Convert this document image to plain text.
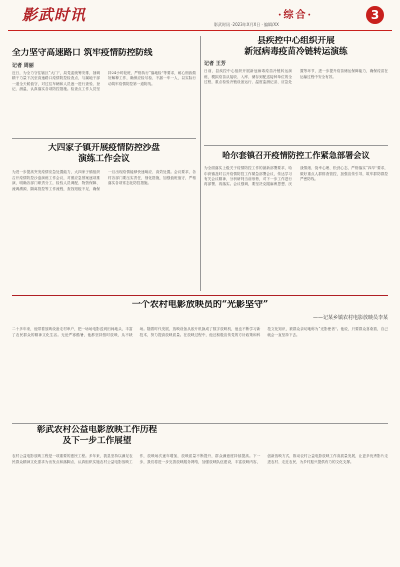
影武时讯	·综合·	3
影武时讯 ·2023年X月X日 · 编辑/XX
全力坚守高速路口 筑牢疫情防控防线
记者 周丽
近日，为全力守住辖区“大门”，局党委统筹安排，抽调精干力量下沉至高速路口疫情防控检查点，与属地干部一道全天候值守，对过往车辆和人员逐一进行查验、登记、测温，认真落实各项防控措施。检查点工作人员坚持24小时轮班，严格执行“落地检”等要求，耐心细致做好解释工作，确保应检尽检、不漏一车一人，以实际行动筑牢疫情防控第一道防线。
县疾控中心组织开展
新冠病毒疫苗冷链转运演练
记者 王芳
日前，县疾控中心组织开展新冠病毒疫苗冷链转运演练，模拟疫苗从接收、入库、储存到配送接种单位的全过程，重点检验冷链设备运行、温度监测记录、应急处置等环节，进一步提升疫苗储运保障能力，确保疫苗在运输过程中安全有效。
大四家子镇开展疫情防控沙盘
演练工作会议
为进一步提高突发疫情应急处置能力，大四家子镇组织召开疫情防控沙盘演练工作会议，对照应急预案逐项推演，明确各部门职责分工，检验人员调配、物资保障、流调溯源、隔离管控等工作流程，查找短板不足，确保一旦出现疫情能够快速响应、高效处置。会议要求，各村各部门要压实责任，细化措施，加强值班值守，严格落实各项常态化防控措施。
哈尔套镇召开疫情防控工作紧急部署会议
为全面落实上级关于疫情防控工作的最新部署要求，哈尔套镇及时召开疫情防控工作紧急部署会议，传达学习有关会议精神，分析研判当前形势，对下一步工作进行再部署、再落实。会议强调，要坚决克服麻痹思想、厌战情绪、侥幸心理、松劲心态，严格落实“四早”要求，做好重点人群排查管控，加强宣传引导，筑牢群防群控严密防线。
一个农村电影放映员的“光影坚守”
——记某乡镇农村电影放映员李某
二十多年来，他带着放映设备走村串户，把一场场电影送到田间地头，丰富了农民群众的精神文化生活。无论严寒酷暑，他都坚持按时放映，从不缺场。随着时代发展，放映设备从胶片机换成了数字放映机，他也不断学习新技术，努力提高放映质量。在放映过程中，他还积极宣传党的方针政策和科技文化知识，被群众亲切地称为“光影使者”。他说，只要群众喜欢看，自己就会一直坚持下去。
彰武农村公益电影放映工作历程
及下一步工作展望
农村公益电影放映工程是一项重要的惠民工程。多年来，我县坚持以满足农民群众精神文化需求为出发点和落脚点，认真组织实施农村公益电影放映工作，放映场次逐年增加，放映质量不断提升，群众满意度持续提高。下一步，我们将进一步完善放映服务网络，加强放映队伍建设，丰富放映内容，创新放映方式，推动农村公益电影放映工作高质量发展，让更多优秀影片走进农村、走近农民，为乡村振兴提供有力的文化支撑。
